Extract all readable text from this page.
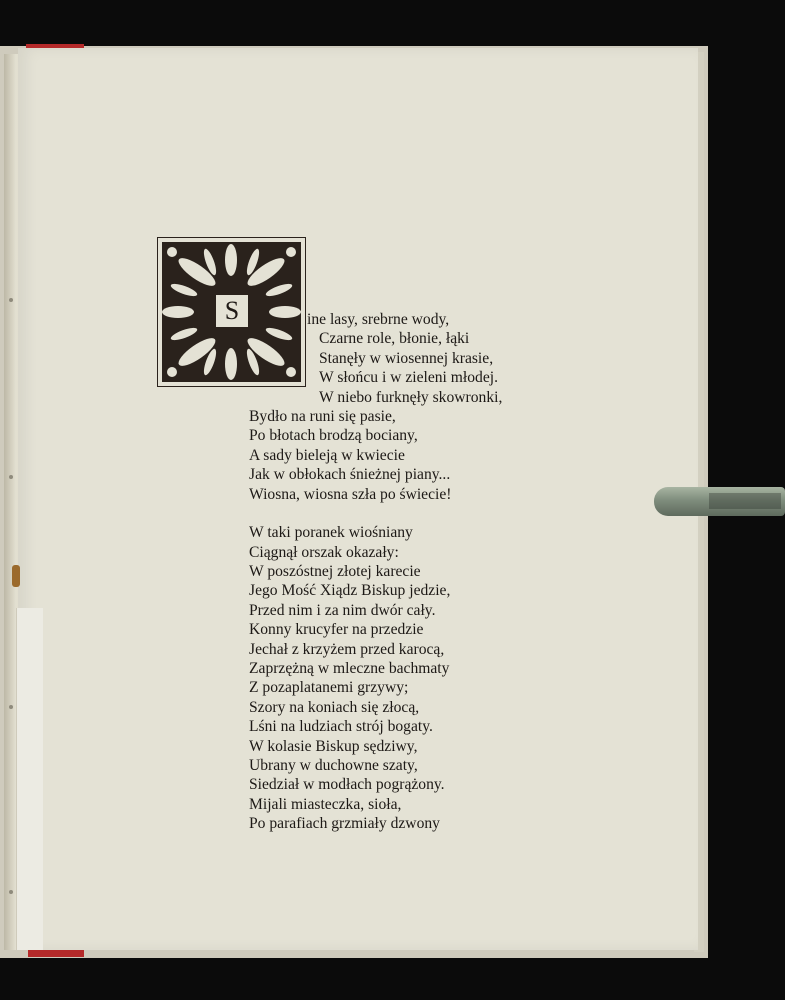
S	ine lasy, srebrne wody,
Czarne role, błonie, łąki
Stanęły w wiosennej krasie,
W słońcu i w zieleni młodej.
W niebo furknęły skowronki,
Bydło na runi się pasie,
Po błotach brodzą bociany,
A sady bieleją w kwiecie
Jak w obłokach śnieżnej piany...
Wiosna, wiosna szła po świecie!
W taki poranek wiośniany
Ciągnął orszak okazały:
W poszóstnej złotej karecie
Jego Mość Xiądz Biskup jedzie,
Przed nim i za nim dwór cały.
Konny krucyfer na przedzie
Jechał z krzyżem przed karocą,
Zaprzężną w mleczne bachmaty
Z pozaplatanemi grzywy;
Szory na koniach się złocą,
Lśni na ludziach strój bogaty.
W kolasie Biskup sędziwy,
Ubrany w duchowne szaty,
Siedział w modłach pogrążony.
Mijali miasteczka, sioła,
Po parafiach grzmiały dzwony
